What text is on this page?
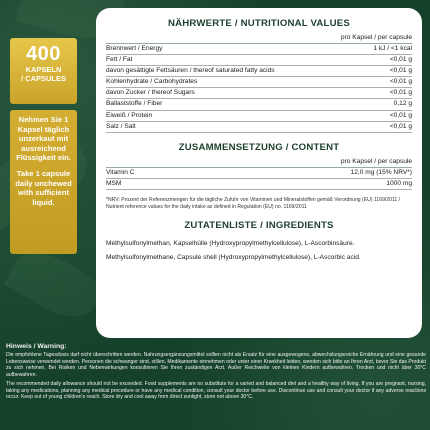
400
KAPSELN
/ CAPSULES

Nehmen Sie 1 Kapsel täglich unzerkaut mit ausreichend Flüssigkeit ein.

Take 1 capsule daily unchewed with sufficient liquid.

NÄHRWERTE / NUTRITIONAL VALUES
pro Kapsel / per capsule
Brennwert / Energy	1 kJ / <1 kcal
Fett / Fat	<0,01 g
davon gesättigte Fettsäuren / thereof saturated fatty acids	<0,01 g
Kohlenhydrate / Carbohydrates	<0,01 g
davon Zucker / thereof Sugars	<0,01 g
Ballaststoffe / Fiber	0,12 g
Eiweiß / Protein	<0,01 g
Salz / Salt	<0,01 g
ZUSAMMENSETZUNG / CONTENT
pro Kapsel / per capsule
Vitamin C	12,0 mg (15% NRV*)
MSM	1000 mg
*NRV: Prozent der Referenzmengen für die tägliche Zufuhr von Vitaminen und Mineralstoffen gemäß Verordnung (EU) 1169/2011 / Nutrient reference values for the daily intake as defined in Regulation (EU) no. 1169/2011
ZUTATENLISTE / INGREDIENTS

Methylsulfonylmethan, Kapselhülle (Hydroxypropylmethylcellulose), L-Ascorbinsäure.

Methylsulfonylmethane, Capsule shell (Hydroxypropylmethylcellulose), L-Ascorbic acid.

Hinweis / Warning:
Die empfohlene Tagesdosis darf nicht überschritten werden. Nahrungsergänzungsmittel sollten nicht als Ersatz für eine ausgewogene, abwechslungsreiche Ernährung und eine gesunde Lebensweise verwendet werden. Personen die schwanger sind, stillen, Medikamente einnehmen oder unter einer Krankheit leiden, wenden sich bitte an Ihren Arzt, bevor Sie das Produkt zu sich nehmen. Bei Risiken und Nebenwirkungen konsultieren Sie Ihren zuständigen Arzt. Außer Reichweite von kleinen Kindern aufbewahren. Trocken und nicht über 30°C aufbewahren.
The recommended daily allowance should not be exceeded. Food supplements are no substitute for a varied and balanced diet and a healthy way of living. If you are pregnant, nursing, taking any medications, planning any medical procedure or have any medical condition, consult your doctor before use. Discontinue use and consult your doctor if any adverse reactions occur. Keep out of young children's reach. Store dry and cool away from direct sunlight, store not above 30°C.
